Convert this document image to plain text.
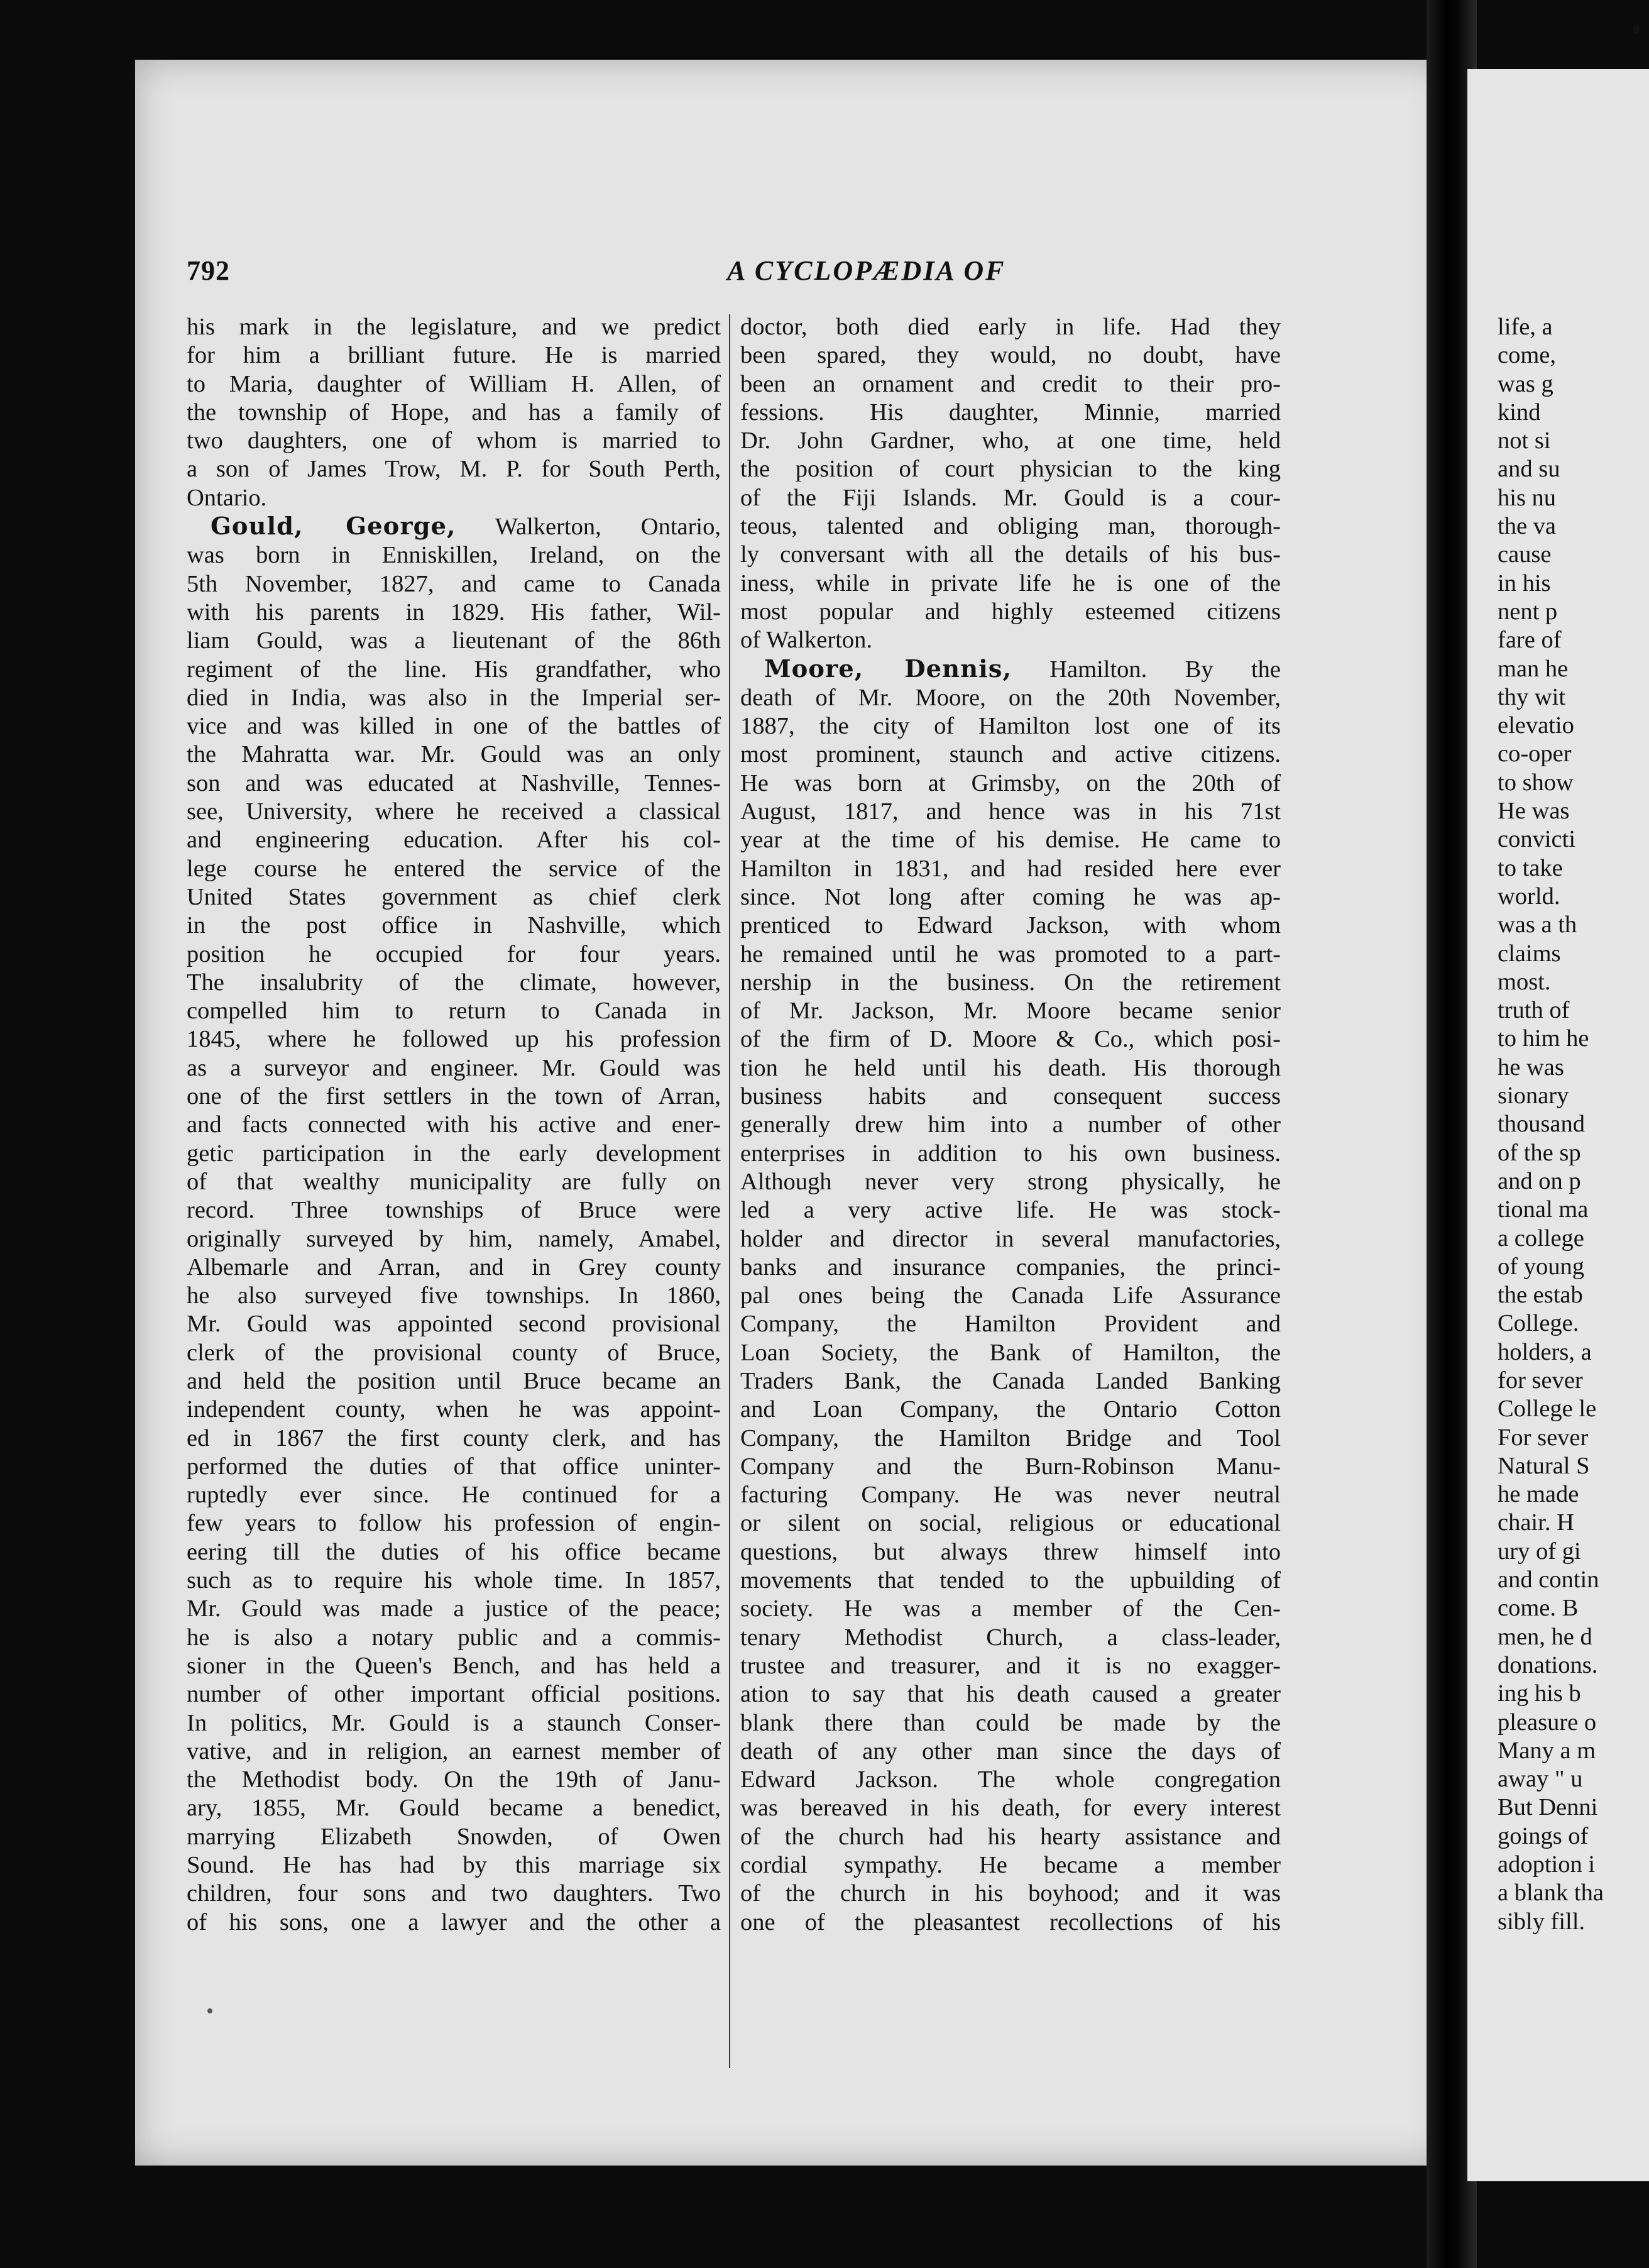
792	A CYCLOPÆDIA OF
his mark in the legislature, and we predict
for him a brilliant future. He is married
to Maria, daughter of William H. Allen, of
the township of Hope, and has a family of
two daughters, one of whom is married to
a son of James Trow, M. P. for South Perth,
Ontario.
Gould, George, Walkerton, Ontario,
was born in Enniskillen, Ireland, on the
5th November, 1827, and came to Canada
with his parents in 1829. His father, Wil-
liam Gould, was a lieutenant of the 86th
regiment of the line. His grandfather, who
died in India, was also in the Imperial ser-
vice and was killed in one of the battles of
the Mahratta war. Mr. Gould was an only
son and was educated at Nashville, Tennes-
see, University, where he received a classical
and engineering education. After his col-
lege course he entered the service of the
United States government as chief clerk
in the post office in Nashville, which
position he occupied for four years.
The insalubrity of the climate, however,
compelled him to return to Canada in
1845, where he followed up his profession
as a surveyor and engineer. Mr. Gould was
one of the first settlers in the town of Arran,
and facts connected with his active and ener-
getic participation in the early development
of that wealthy municipality are fully on
record. Three townships of Bruce were
originally surveyed by him, namely, Amabel,
Albemarle and Arran, and in Grey county
he also surveyed five townships. In 1860,
Mr. Gould was appointed second provisional
clerk of the provisional county of Bruce,
and held the position until Bruce became an
independent county, when he was appoint-
ed in 1867 the first county clerk, and has
performed the duties of that office uninter-
ruptedly ever since. He continued for a
few years to follow his profession of engin-
eering till the duties of his office became
such as to require his whole time. In 1857,
Mr. Gould was made a justice of the peace;
he is also a notary public and a commis-
sioner in the Queen's Bench, and has held a
number of other important official positions.
In politics, Mr. Gould is a staunch Conser-
vative, and in religion, an earnest member of
the Methodist body. On the 19th of Janu-
ary, 1855, Mr. Gould became a benedict,
marrying Elizabeth Snowden, of Owen
Sound. He has had by this marriage six
children, four sons and two daughters. Two
of his sons, one a lawyer and the other a
doctor, both died early in life. Had they
been spared, they would, no doubt, have
been an ornament and credit to their pro-
fessions. His daughter, Minnie, married
Dr. John Gardner, who, at one time, held
the position of court physician to the king
of the Fiji Islands. Mr. Gould is a cour-
teous, talented and obliging man, thorough-
ly conversant with all the details of his bus-
iness, while in private life he is one of the
most popular and highly esteemed citizens
of Walkerton.
Moore, Dennis, Hamilton. By the
death of Mr. Moore, on the 20th November,
1887, the city of Hamilton lost one of its
most prominent, staunch and active citizens.
He was born at Grimsby, on the 20th of
August, 1817, and hence was in his 71st
year at the time of his demise. He came to
Hamilton in 1831, and had resided here ever
since. Not long after coming he was ap-
prenticed to Edward Jackson, with whom
he remained until he was promoted to a part-
nership in the business. On the retirement
of Mr. Jackson, Mr. Moore became senior
of the firm of D. Moore & Co., which posi-
tion he held until his death. His thorough
business habits and consequent success
generally drew him into a number of other
enterprises in addition to his own business.
Although never very strong physically, he
led a very active life. He was stock-
holder and director in several manufactories,
banks and insurance companies, the princi-
pal ones being the Canada Life Assurance
Company, the Hamilton Provident and
Loan Society, the Bank of Hamilton, the
Traders Bank, the Canada Landed Banking
and Loan Company, the Ontario Cotton
Company, the Hamilton Bridge and Tool
Company and the Burn-Robinson Manu-
facturing Company. He was never neutral
or silent on social, religious or educational
questions, but always threw himself into
movements that tended to the upbuilding of
society. He was a member of the Cen-
tenary Methodist Church, a class-leader,
trustee and treasurer, and it is no exagger-
ation to say that his death caused a greater
blank there than could be made by the
death of any other man since the days of
Edward Jackson. The whole congregation
was bereaved in his death, for every interest
of the church had his hearty assistance and
cordial sympathy. He became a member
of the church in his boyhood; and it was
one of the pleasantest recollections of his
life, a
come,
was g
kind
not si
and su
his nu
the va
cause
in his
nent p
fare of
man he
thy wit
elevatio
co-oper
to show
He was
convicti
to take
world.
was a th
claims
most.
truth of
to him he
he was
sionary
thousand
of the sp
and on p
tional ma
a college
of young
the estab
College.
holders, a
for sever
College le
For sever
Natural S
he made
chair. H
ury of gi
and contin
come. B
men, he d
donations.
ing his b
pleasure o
Many a m
away " u
But Denni
goings of
adoption i
a blank tha
sibly fill.
